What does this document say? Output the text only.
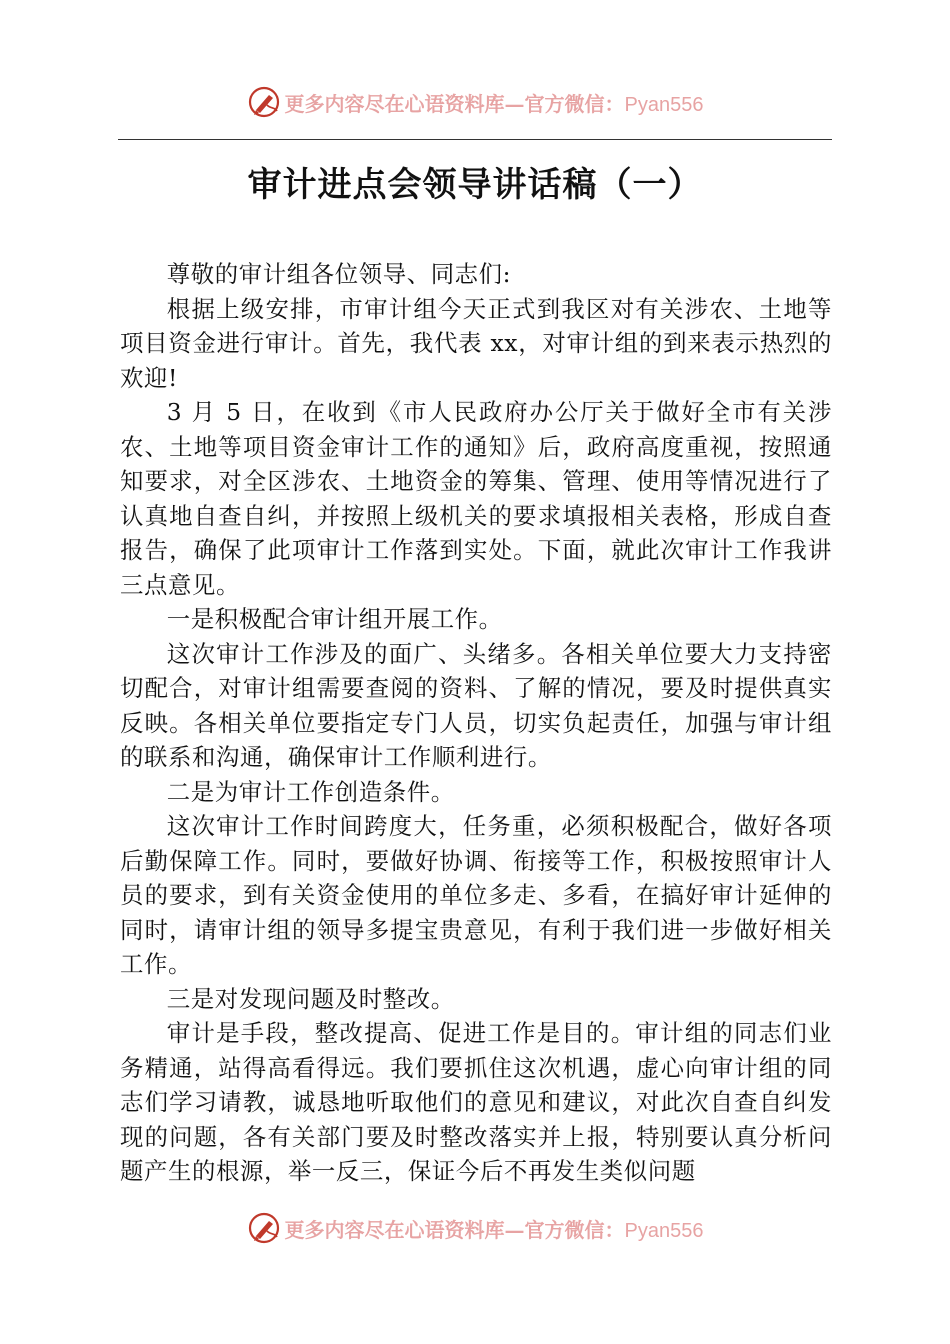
更多内容尽在心语资料库—官方微信：Pyan556
审计进点会领导讲话稿（一）

尊敬的审计组各位领导、同志们:

根据上级安排，市审计组今天正式到我区对有关涉农、土地等项目资金进行审计。首先，我代表 xx，对审计组的到来表示热烈的欢迎!

3 月 5 日，在收到《市人民政府办公厅关于做好全市有关涉农、土地等项目资金审计工作的通知》后，政府高度重视，按照通知要求，对全区涉农、土地资金的筹集、管理、使用等情况进行了认真地自查自纠，并按照上级机关的要求填报相关表格，形成自查报告，确保了此项审计工作落到实处。下面，就此次审计工作我讲三点意见。

一是积极配合审计组开展工作。

这次审计工作涉及的面广、头绪多。各相关单位要大力支持密切配合，对审计组需要查阅的资料、了解的情况，要及时提供真实反映。各相关单位要指定专门人员，切实负起责任，加强与审计组的联系和沟通，确保审计工作顺利进行。

二是为审计工作创造条件。

这次审计工作时间跨度大，任务重，必须积极配合，做好各项后勤保障工作。同时，要做好协调、衔接等工作，积极按照审计人员的要求，到有关资金使用的单位多走、多看，在搞好审计延伸的同时，请审计组的领导多提宝贵意见，有利于我们进一步做好相关工作。

三是对发现问题及时整改。

审计是手段，整改提高、促进工作是目的。审计组的同志们业务精通，站得高看得远。我们要抓住这次机遇，虚心向审计组的同志们学习请教，诚恳地听取他们的意见和建议，对此次自查自纠发现的问题，各有关部门要及时整改落实并上报，特别要认真分析问题产生的根源，举一反三，保证今后不再发生类似问题

更多内容尽在心语资料库—官方微信：Pyan556
